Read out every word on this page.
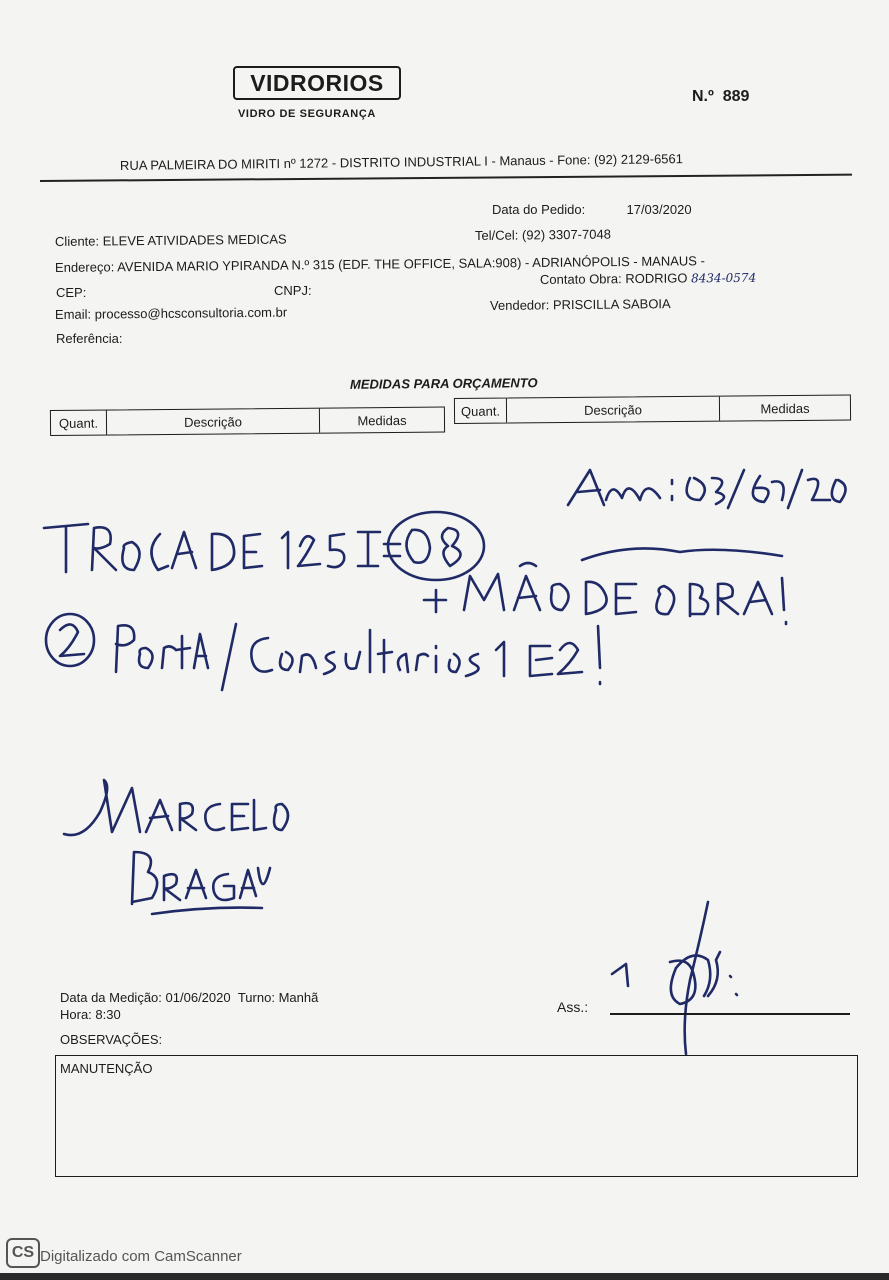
VIDRORIOS
VIDRO DE SEGURANÇA
N.º 889
RUA PALMEIRA DO MIRITI nº 1272 - DISTRITO INDUSTRIAL I - Manaus - Fone: (92) 2129-6561
Data do Pedido:	17/03/2020
Cliente: ELEVE ATIVIDADES MEDICAS	Tel/Cel: (92) 3307-7048
Endereço: AVENIDA MARIO YPIRANDA N.º 315 (EDF. THE OFFICE, SALA:908) - ADRIANÓPOLIS - MANAUS -
CEP:	CNPJ:
Contato Obra: RODRIGO 8434-0574
Email: processo@hcsconsultoria.com.br	Vendedor: PRISCILLA SABOIA
Referência:
MEDIDAS PARA ORÇAMENTO
Quant.	Descrição	Medidas
Quant.	Descrição	Medidas
Data da Medição: 01/06/2020 Turno: Manhã
Hora: 8:30	Ass.:
OBSERVAÇÕES:
MANUTENÇÃO
CS Digitalizado com CamScanner
